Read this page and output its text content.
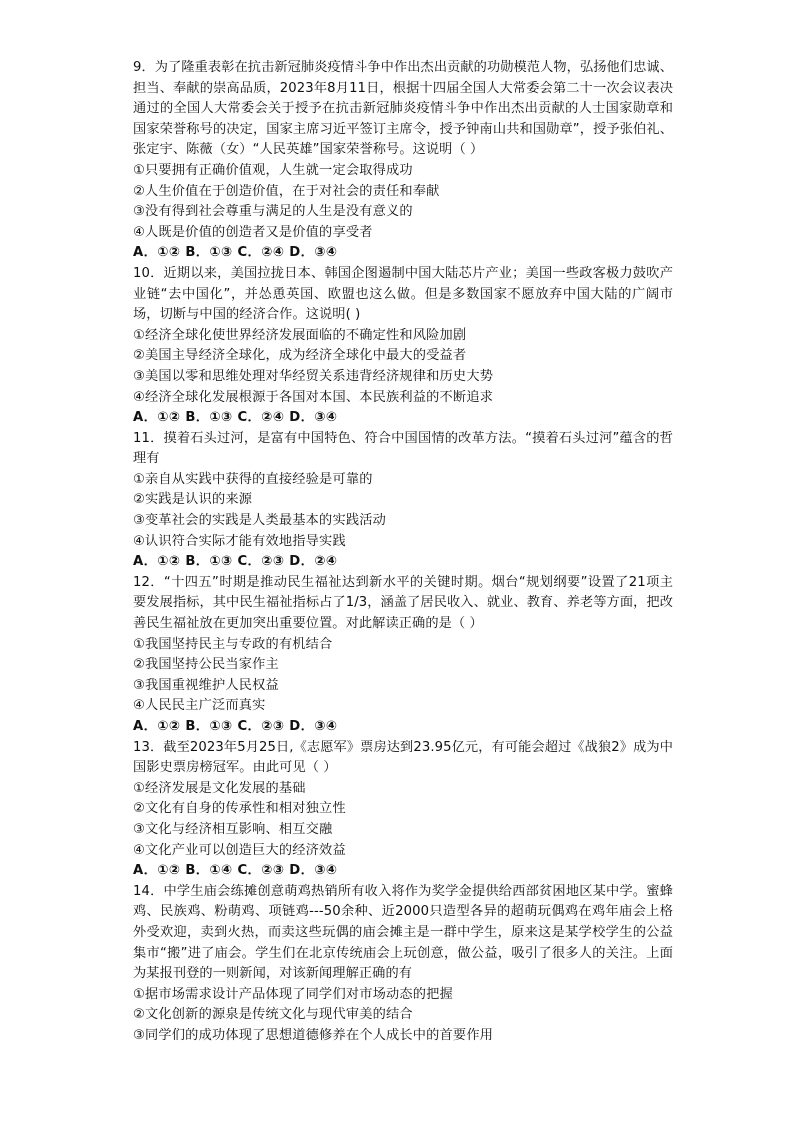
9．为了隆重表彰在抗击新冠肺炎疫情斗争中作出杰出贡献的功勋模范人物，弘扬他们忠诚、担当、奉献的崇高品质，2023年8月11日，根据十四届全国人大常委会第二十一次会议表决通过的全国人大常委会关于授予在抗击新冠肺炎疫情斗争中作出杰出贡献的人士国家勋章和国家荣誉称号的决定，国家主席习近平签订主席令，授予钟南山共和国勋章”，授予张伯礼、张定宇、陈薇（女）“人民英雄”国家荣誉称号。这说明（ ）

①只要拥有正确价值观，人生就一定会取得成功

②人生价值在于创造价值，在于对社会的责任和奉献

③没有得到社会尊重与满足的人生是没有意义的

④人既是价值的创造者又是价值的享受者

A．①② B．①③ C．②④ D．③④

10．近期以来，美国拉拢日本、韩国企图遏制中国大陆芯片产业；美国一些政客极力鼓吹产业链“去中国化”，并怂恿英国、欧盟也这么做。但是多数国家不愿放弃中国大陆的广阔市场，切断与中国的经济合作。这说明( )

①经济全球化使世界经济发展面临的不确定性和风险加剧

②美国主导经济全球化，成为经济全球化中最大的受益者

③美国以零和思维处理对华经贸关系违背经济规律和历史大势

④经济全球化发展根源于各国对本国、本民族利益的不断追求

A．①② B．①③ C．②④ D．③④

11．摸着石头过河，是富有中国特色、符合中国国情的改革方法。“摸着石头过河”蕴含的哲理有

①亲自从实践中获得的直接经验是可靠的

②实践是认识的来源

③变革社会的实践是人类最基本的实践活动

④认识符合实际才能有效地指导实践

A．①② B．①③ C．②③ D．②④

12．“十四五”时期是推动民生福祉达到新水平的关键时期。烟台“规划纲要”设置了21项主要发展指标，其中民生福祉指标占了1/3，涵盖了居民收入、就业、教育、养老等方面，把改善民生福祉放在更加突出重要位置。对此解读正确的是（ ）

①我国坚持民主与专政的有机结合

②我国坚持公民当家作主

③我国重视维护人民权益

④人民民主广泛而真实

A．①② B．①③ C．②③ D．③④

13．截至2023年5月25日,《志愿军》票房达到23.95亿元，有可能会超过《战狼2》成为中国影史票房榜冠军。由此可见（ ）

①经济发展是文化发展的基础

②文化有自身的传承性和相对独立性

③文化与经济相互影响、相互交融

④文化产业可以创造巨大的经济效益

A．①② B．①④ C．②③ D．③④

14．中学生庙会练摊创意萌鸡热销所有收入将作为奖学金提供给西部贫困地区某中学。蜜蜂鸡、民族鸡、粉萌鸡、项链鸡---50余种、近2000只造型各异的超萌玩偶鸡在鸡年庙会上格外受欢迎，卖到火热，而卖这些玩偶的庙会摊主是一群中学生，原来这是某学校学生的公益集市“搬”进了庙会。学生们在北京传统庙会上玩创意，做公益，吸引了很多人的关注。上面为某报刊登的一则新闻，对该新闻理解正确的有

①据市场需求设计产品体现了同学们对市场动态的把握

②文化创新的源泉是传统文化与现代审美的结合

③同学们的成功体现了思想道德修养在个人成长中的首要作用
